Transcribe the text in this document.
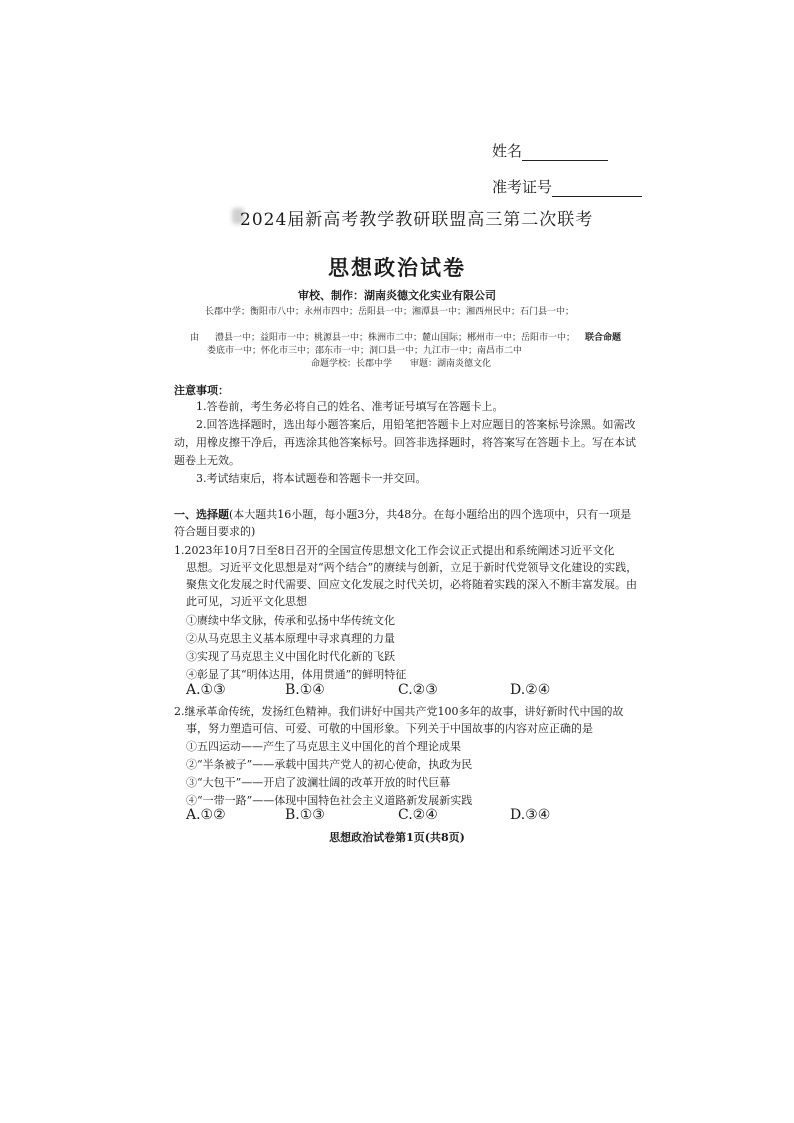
姓名
准考证号
2024届新高考教学教研联盟高三第二次联考
思想政治试卷
审校、制作：湖南炎德文化实业有限公司
长郡中学；衡阳市八中；永州市四中；岳阳县一中；湘潭县一中；湘西州民中；石门县一中；
由 澧县一中；益阳市一中；桃源县一中；株洲市二中；麓山国际；郴州市一中；岳阳市一中； 联合命题
娄底市一中；怀化市三中；邵东市一中；洞口县一中；九江市一中；南昌市二中
命题学校：长郡中学　　审题：湖南炎德文化
注意事项：
1.答卷前，考生务必将自己的姓名、准考证号填写在答题卡上。
2.回答选择题时，选出每小题答案后，用铅笔把答题卡上对应题目的答案标号涂黑。如需改
动，用橡皮擦干净后，再选涂其他答案标号。回答非选择题时，将答案写在答题卡上。写在本试
题卷上无效。
3.考试结束后，将本试题卷和答题卡一并交回。
一、选择题(本大题共16小题，每小题3分，共48分。在每小题给出的四个选项中，只有一项是符合题目要求的)
1.2023年10月7日至8日召开的全国宣传思想文化工作会议正式提出和系统阐述习近平文化
思想。习近平文化思想是对“两个结合”的赓续与创新，立足于新时代党领导文化建设的实践，
聚焦文化发展之时代需要、回应文化发展之时代关切，必将随着实践的深入不断丰富发展。由
此可见，习近平文化思想
①赓续中华文脉，传承和弘扬中华传统文化
②从马克思主义基本原理中寻求真理的力量
③实现了马克思主义中国化时代化新的飞跃
④彰显了其“明体达用，体用贯通”的鲜明特征
A.①③	B.①④	C.②③	D.②④
2.继承革命传统，发扬红色精神。我们讲好中国共产党100多年的故事，讲好新时代中国的故
事，努力塑造可信、可爱、可敬的中国形象。下列关于中国故事的内容对应正确的是
①五四运动——产生了马克思主义中国化的首个理论成果
②“半条被子”——承载中国共产党人的初心使命，执政为民
③“大包干”——开启了波澜壮阔的改革开放的时代巨幕
④“一带一路”——体现中国特色社会主义道路新发展新实践
A.①②	B.①③	C.②④	D.③④
思想政治试卷第1页(共8页)
